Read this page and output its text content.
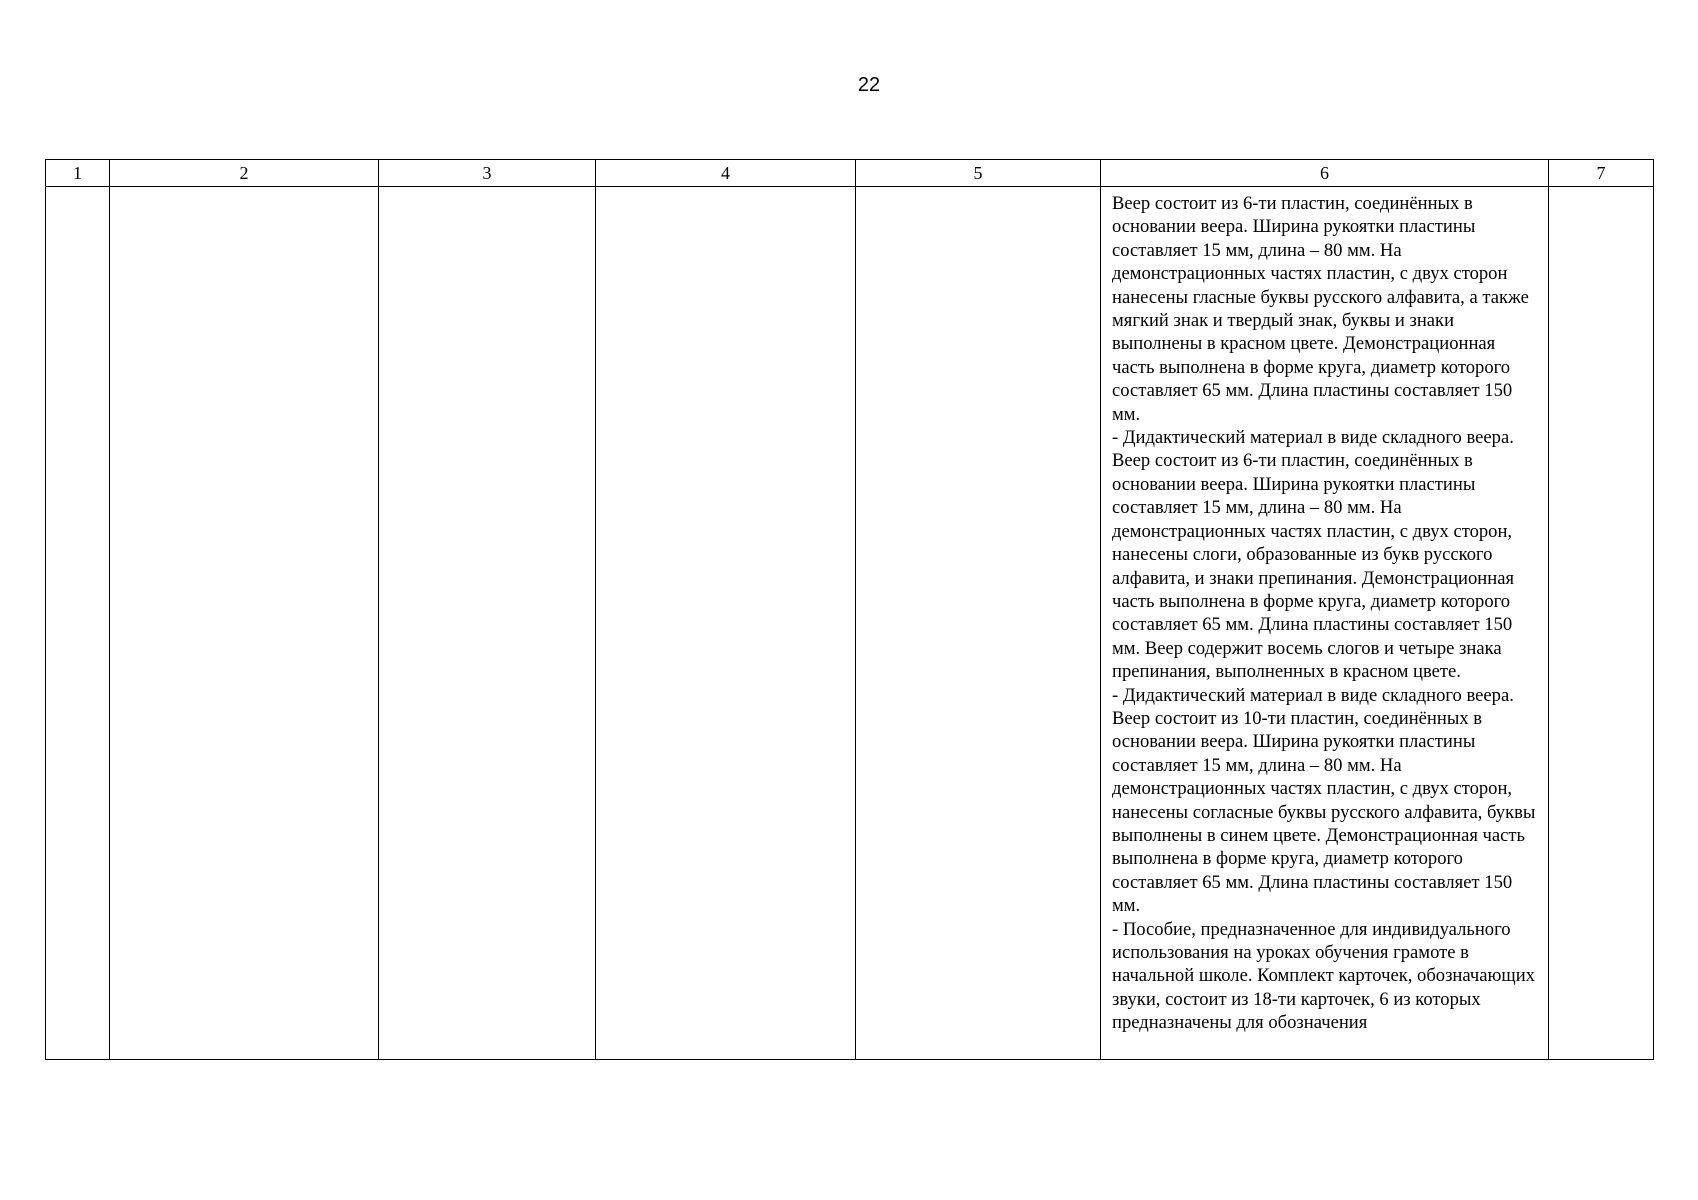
22
1	2	3	4	5	6	7

					Веер состоит из 6-ти пластин, соединённых в основании веера. Ширина рукоятки пластины составляет 15 мм, длина – 80 мм. На демонстрационных частях пластин, с двух сторон нанесены гласные буквы русского алфавита, а также мягкий знак и твердый знак, буквы и знаки выполнены в красном цвете. Демонстрационная часть выполнена в форме круга, диаметр которого составляет 65 мм. Длина пластины составляет 150 мм.

- Дидактический материал в виде складного веера. Веер состоит из 6-ти пластин, соединённых в основании веера. Ширина рукоятки пластины составляет 15 мм, длина – 80 мм. На демонстрационных частях пластин, с двух сторон, нанесены слоги, образованные из букв русского алфавита, и знаки препинания. Демонстрационная часть выполнена в форме круга, диаметр которого составляет 65 мм. Длина пластины составляет 150 мм. Веер содержит восемь слогов и четыре знака препинания, выполненных в красном цвете.

- Дидактический материал в виде складного веера. Веер состоит из 10-ти пластин, соединённых в основании веера. Ширина рукоятки пластины составляет 15 мм, длина – 80 мм. На демонстрационных частях пластин, с двух сторон, нанесены согласные буквы русского алфавита, буквы выполнены в синем цвете. Демонстрационная часть выполнена в форме круга, диаметр которого составляет 65 мм. Длина пластины составляет 150 мм.

- Пособие, предназначенное для индивидуального использования на уроках обучения грамоте в начальной школе. Комплект карточек, обозначающих звуки, состоит из 18-ти карточек, 6 из которых предназначены для обозначения	
